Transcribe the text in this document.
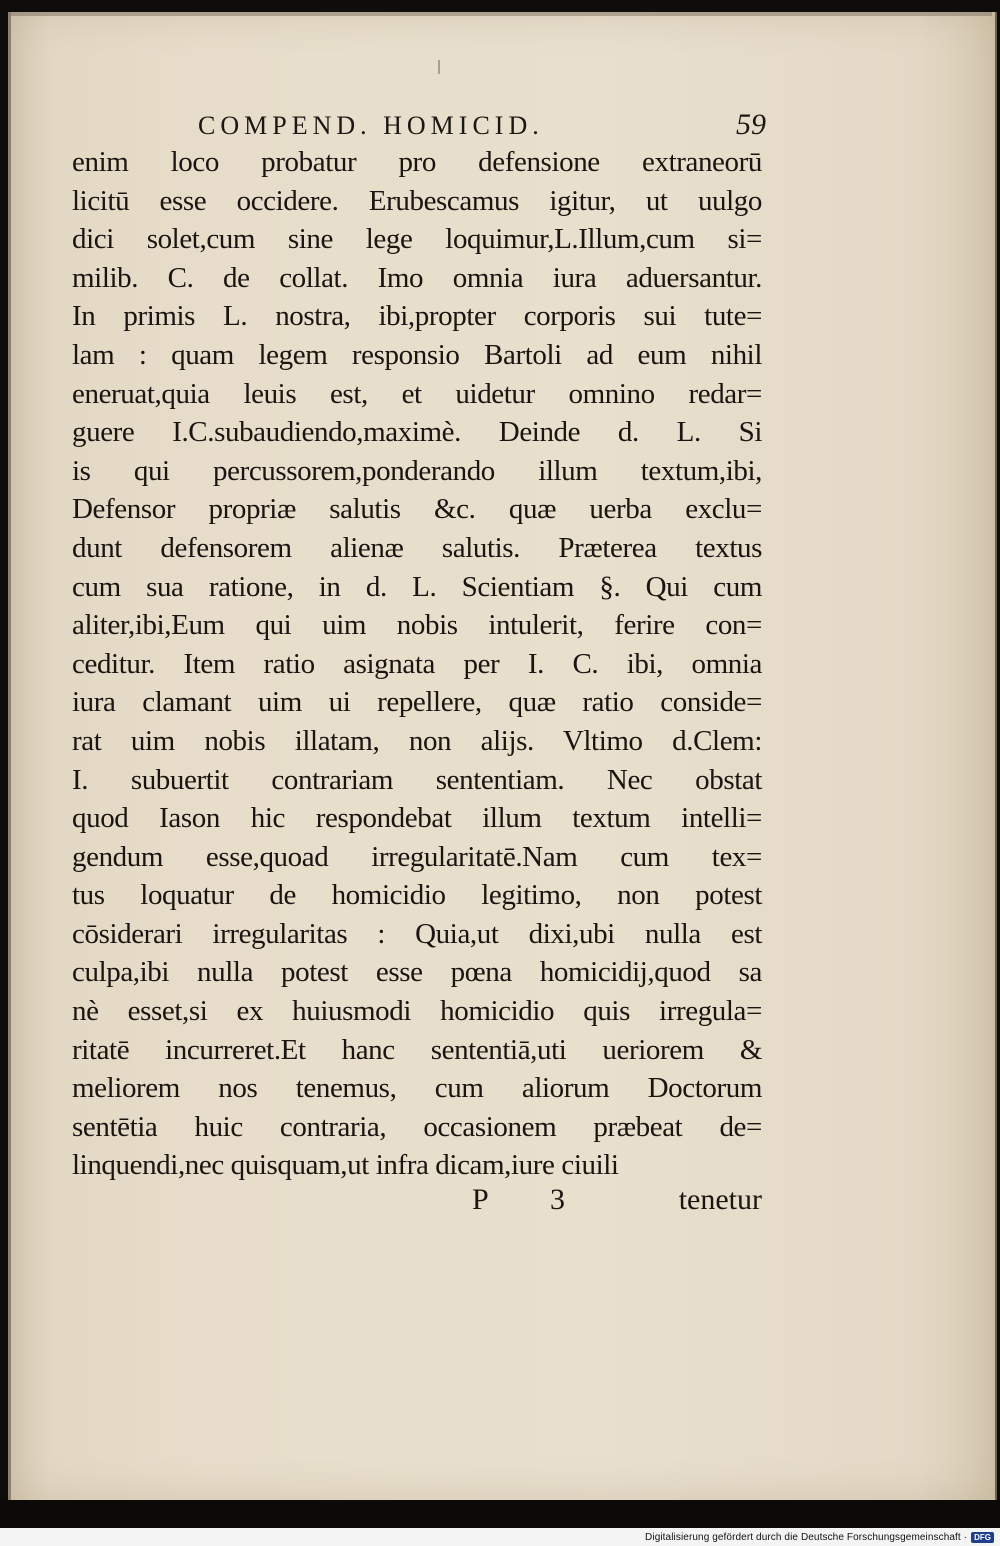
COMPEND. HOMICID.	59
enim loco probatur pro defensione extraneorū
licitū esse occidere. Erubescamus igitur, ut uulgo
dici solet,cum sine lege loquimur,L.Illum,cum si=
milib. C. de collat. Imo omnia iura aduersantur.
In primis L. nostra, ibi,propter corporis sui tute=
lam : quam legem responsio Bartoli ad eum nihil
eneruat,quia leuis est, et uidetur omnino redar=
guere I.C.subaudiendo,maximè. Deinde d. L. Si
is qui percussorem,ponderando illum textum,ibi,
Defensor propriæ salutis &c. quæ uerba exclu=
dunt defensorem alienæ salutis. Præterea textus
cum sua ratione, in d. L. Scientiam §. Qui cum
aliter,ibi,Eum qui uim nobis intulerit, ferire con=
ceditur. Item ratio asignata per I. C. ibi, omnia
iura clamant uim ui repellere, quæ ratio conside=
rat uim nobis illatam, non alijs. Vltimo d.Clem:
I. subuertit contrariam sententiam. Nec obstat
quod Iason hic respondebat illum textum intelli=
gendum esse,quoad irregularitatē.Nam cum tex=
tus loquatur de homicidio legitimo, non potest
cōsiderari irregularitas : Quia,ut dixi,ubi nulla est
culpa,ibi nulla potest esse pœna homicidij,quod sa
nè esset,si ex huiusmodi homicidio quis irregula=
ritatē incurreret.Et hanc sententiā,uti ueriorem &
meliorem nos tenemus, cum aliorum Doctorum
sentētia huic contraria, occasionem præbeat de=
linquendi,nec quisquam,ut infra dicam,iure ciuili
P 3	tenetur
Digitalisierung gefördert durch die Deutsche Forschungsgemeinschaft · DFG
